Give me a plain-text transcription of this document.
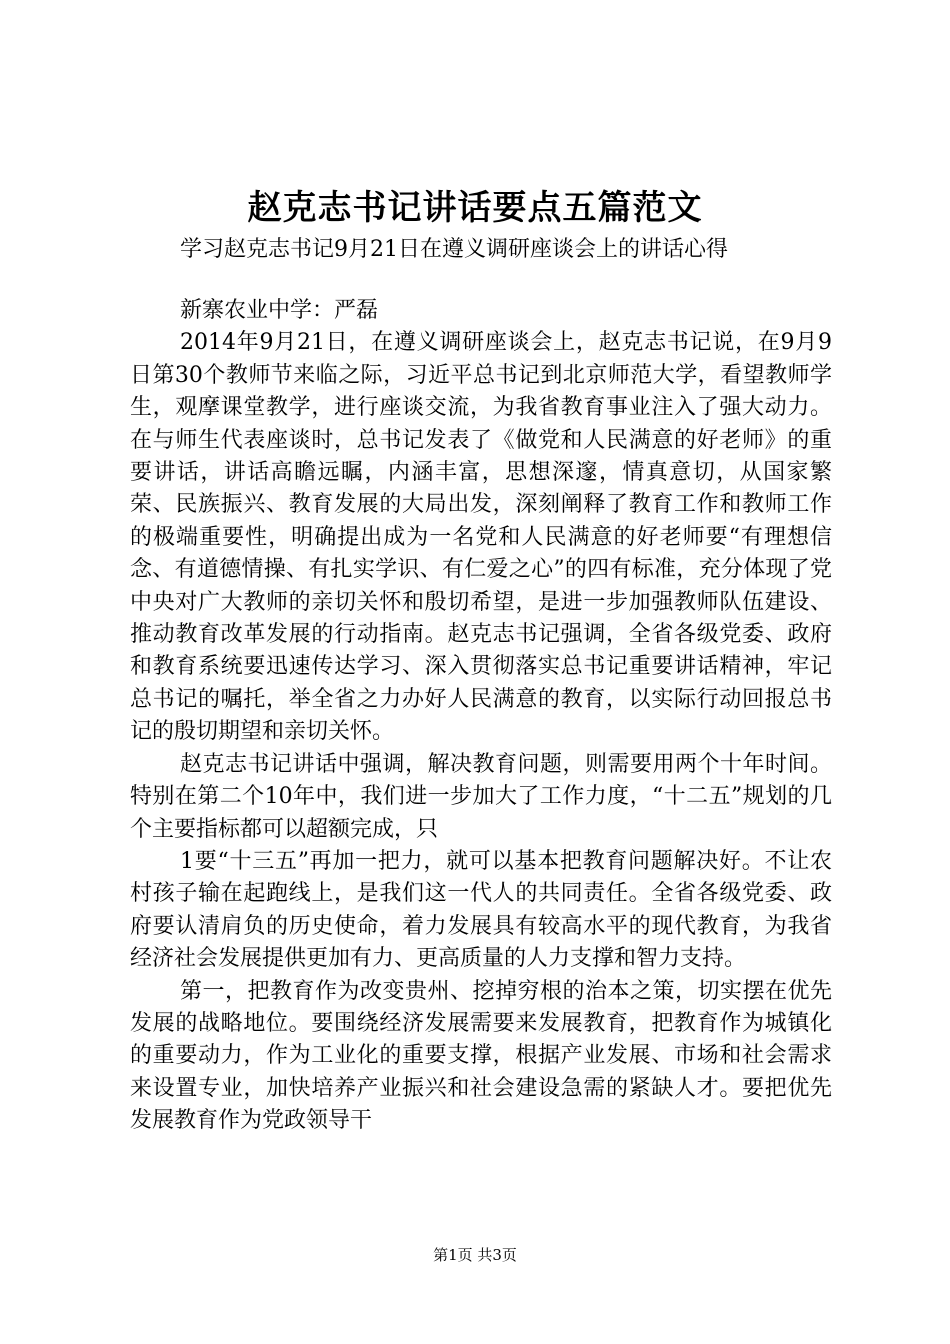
赵克志书记讲话要点五篇范文
学习赵克志书记9月21日在遵义调研座谈会上的讲话心得

新寨农业中学：严磊

2014年9月21日，在遵义调研座谈会上，赵克志书记说，在9月9日第30个教师节来临之际，习近平总书记到北京师范大学，看望教师学生，观摩课堂教学，进行座谈交流，为我省教育事业注入了强大动力。在与师生代表座谈时，总书记发表了《做党和人民满意的好老师》的重要讲话，讲话高瞻远瞩，内涵丰富，思想深邃，情真意切，从国家繁荣、民族振兴、教育发展的大局出发，深刻阐释了教育工作和教师工作的极端重要性，明确提出成为一名党和人民满意的好老师要“有理想信念、有道德情操、有扎实学识、有仁爱之心”的四有标准，充分体现了党中央对广大教师的亲切关怀和殷切希望，是进一步加强教师队伍建设、推动教育改革发展的行动指南。赵克志书记强调，全省各级党委、政府和教育系统要迅速传达学习、深入贯彻落实总书记重要讲话精神，牢记总书记的嘱托，举全省之力办好人民满意的教育，以实际行动回报总书记的殷切期望和亲切关怀。

赵克志书记讲话中强调，解决教育问题，则需要用两个十年时间。特别在第二个10年中，我们进一步加大了工作力度，“十二五”规划的几个主要指标都可以超额完成，只

1要“十三五”再加一把力，就可以基本把教育问题解决好。不让农村孩子输在起跑线上，是我们这一代人的共同责任。全省各级党委、政府要认清肩负的历史使命，着力发展具有较高水平的现代教育，为我省经济社会发展提供更加有力、更高质量的人力支撑和智力支持。

第一，把教育作为改变贵州、挖掉穷根的治本之策，切实摆在优先发展的战略地位。要围绕经济发展需要来发展教育，把教育作为城镇化的重要动力，作为工业化的重要支撑，根据产业发展、市场和社会需求来设置专业，加快培养产业振兴和社会建设急需的紧缺人才。要把优先发展教育作为党政领导干

第1页 共3页
